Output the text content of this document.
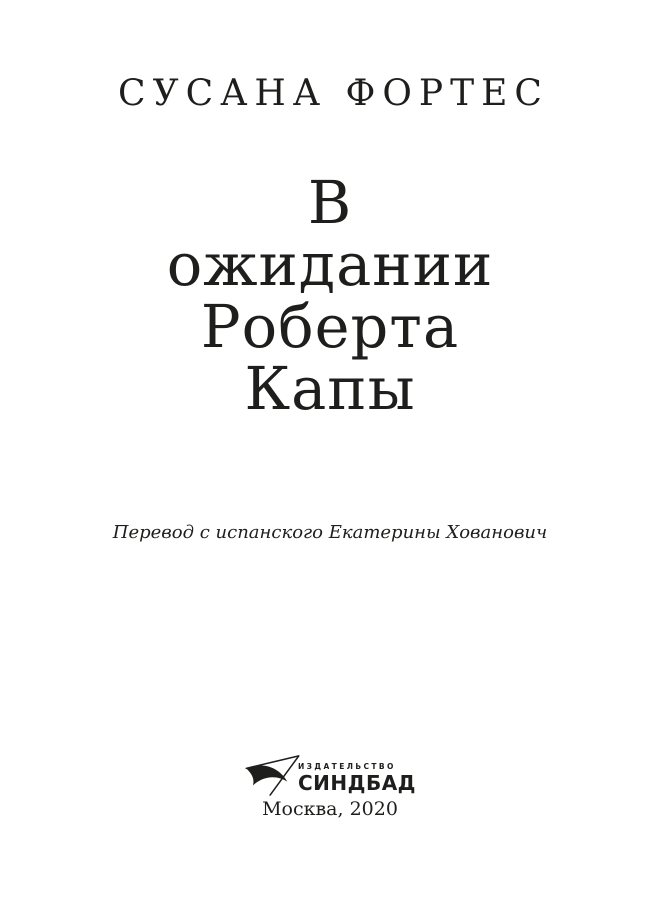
СУСАНА ФОРТЕС
В
ожидании
Роберта
Капы
Перевод с испанского Екатерины Хованович
ИЗДАТЕЛЬСТВО
СИНДБАД
Москва, 2020
